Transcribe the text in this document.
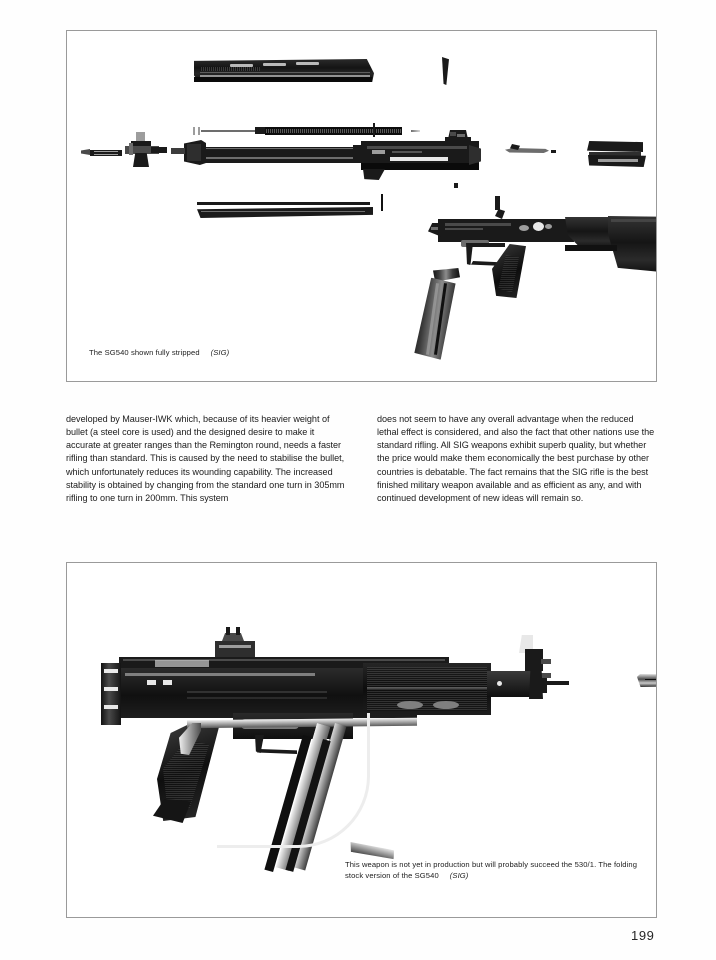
The SG540 shown fully stripped (SIG)

developed by Mauser-IWK which, because of its heavier weight of bullet (a steel core is used) and the designed desire to make it accurate at greater ranges than the Remington round, needs a faster rifling than standard. This is caused by the need to stabilise the bullet, which unfortunately reduces its wounding capability. The increased stability is obtained by changing from the standard one turn in 305mm rifling to one turn in 200mm. This system

does not seem to have any overall advantage when the reduced lethal effect is considered, and also the fact that other nations use the standard rifling. All SIG weapons exhibit superb quality, but whether the price would make them economically the best purchase by other countries is debatable. The fact remains that the SIG rifle is the best finished military weapon available and as efficient as any, and with continued development of new ideas will remain so.

This weapon is not yet in production but will probably succeed the 530/1. The folding stock version of the SG540 (SIG)
199
